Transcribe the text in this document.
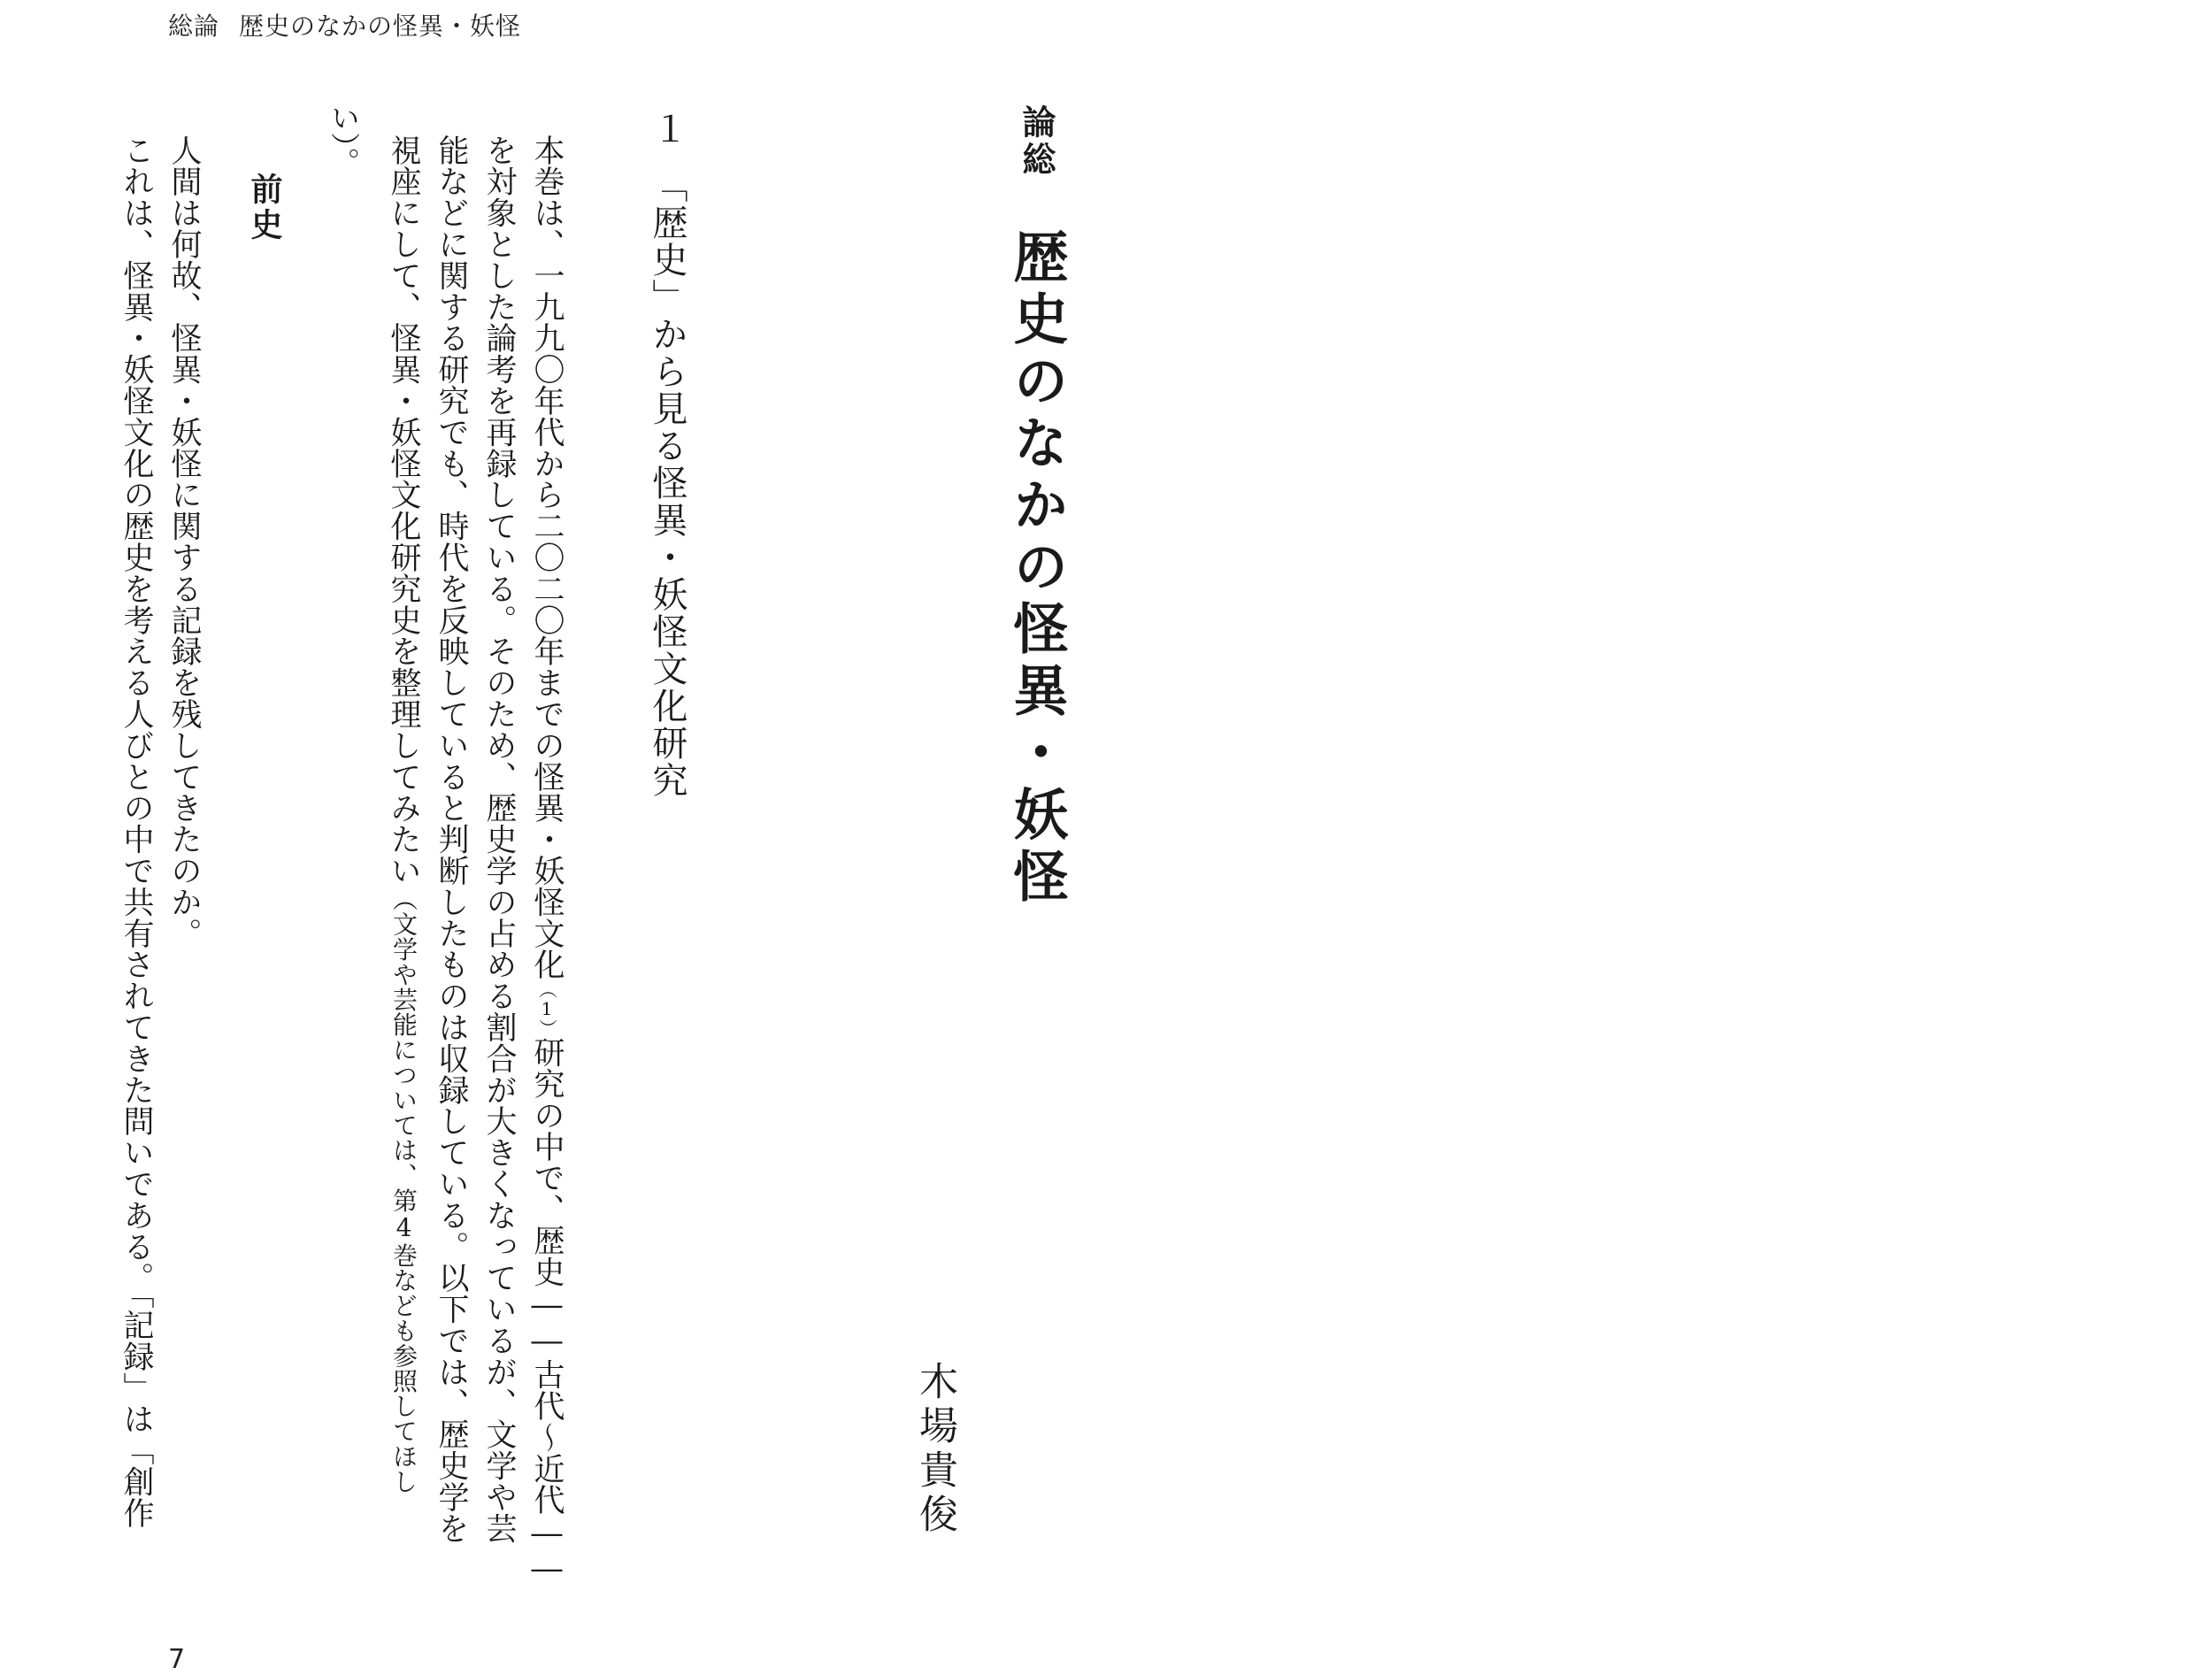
総論 歴史のなかの怪異・妖怪
総
論
歴史のなかの怪異・妖怪
木場貴俊
１　「歴史」から見る怪異・妖怪文化研究
本巻は、一九九〇年代から二〇二〇年までの怪異・妖怪文化（1）研究の中で、歴史――古代〜近代――
を対象とした論考を再録している。そのため、歴史学の占める割合が大きくなっているが、文学や芸
能などに関する研究でも、時代を反映していると判断したものは収録している。以下では、歴史学を
視座にして、怪異・妖怪文化研究史を整理してみたい（文学や芸能については、第4巻なども参照してほし
い）。
前史
人間は何故、怪異・妖怪に関する記録を残してきたのか。
これは、怪異・妖怪文化の歴史を考える人びとの中で共有されてきた問いである。「記録」は「創作
7
